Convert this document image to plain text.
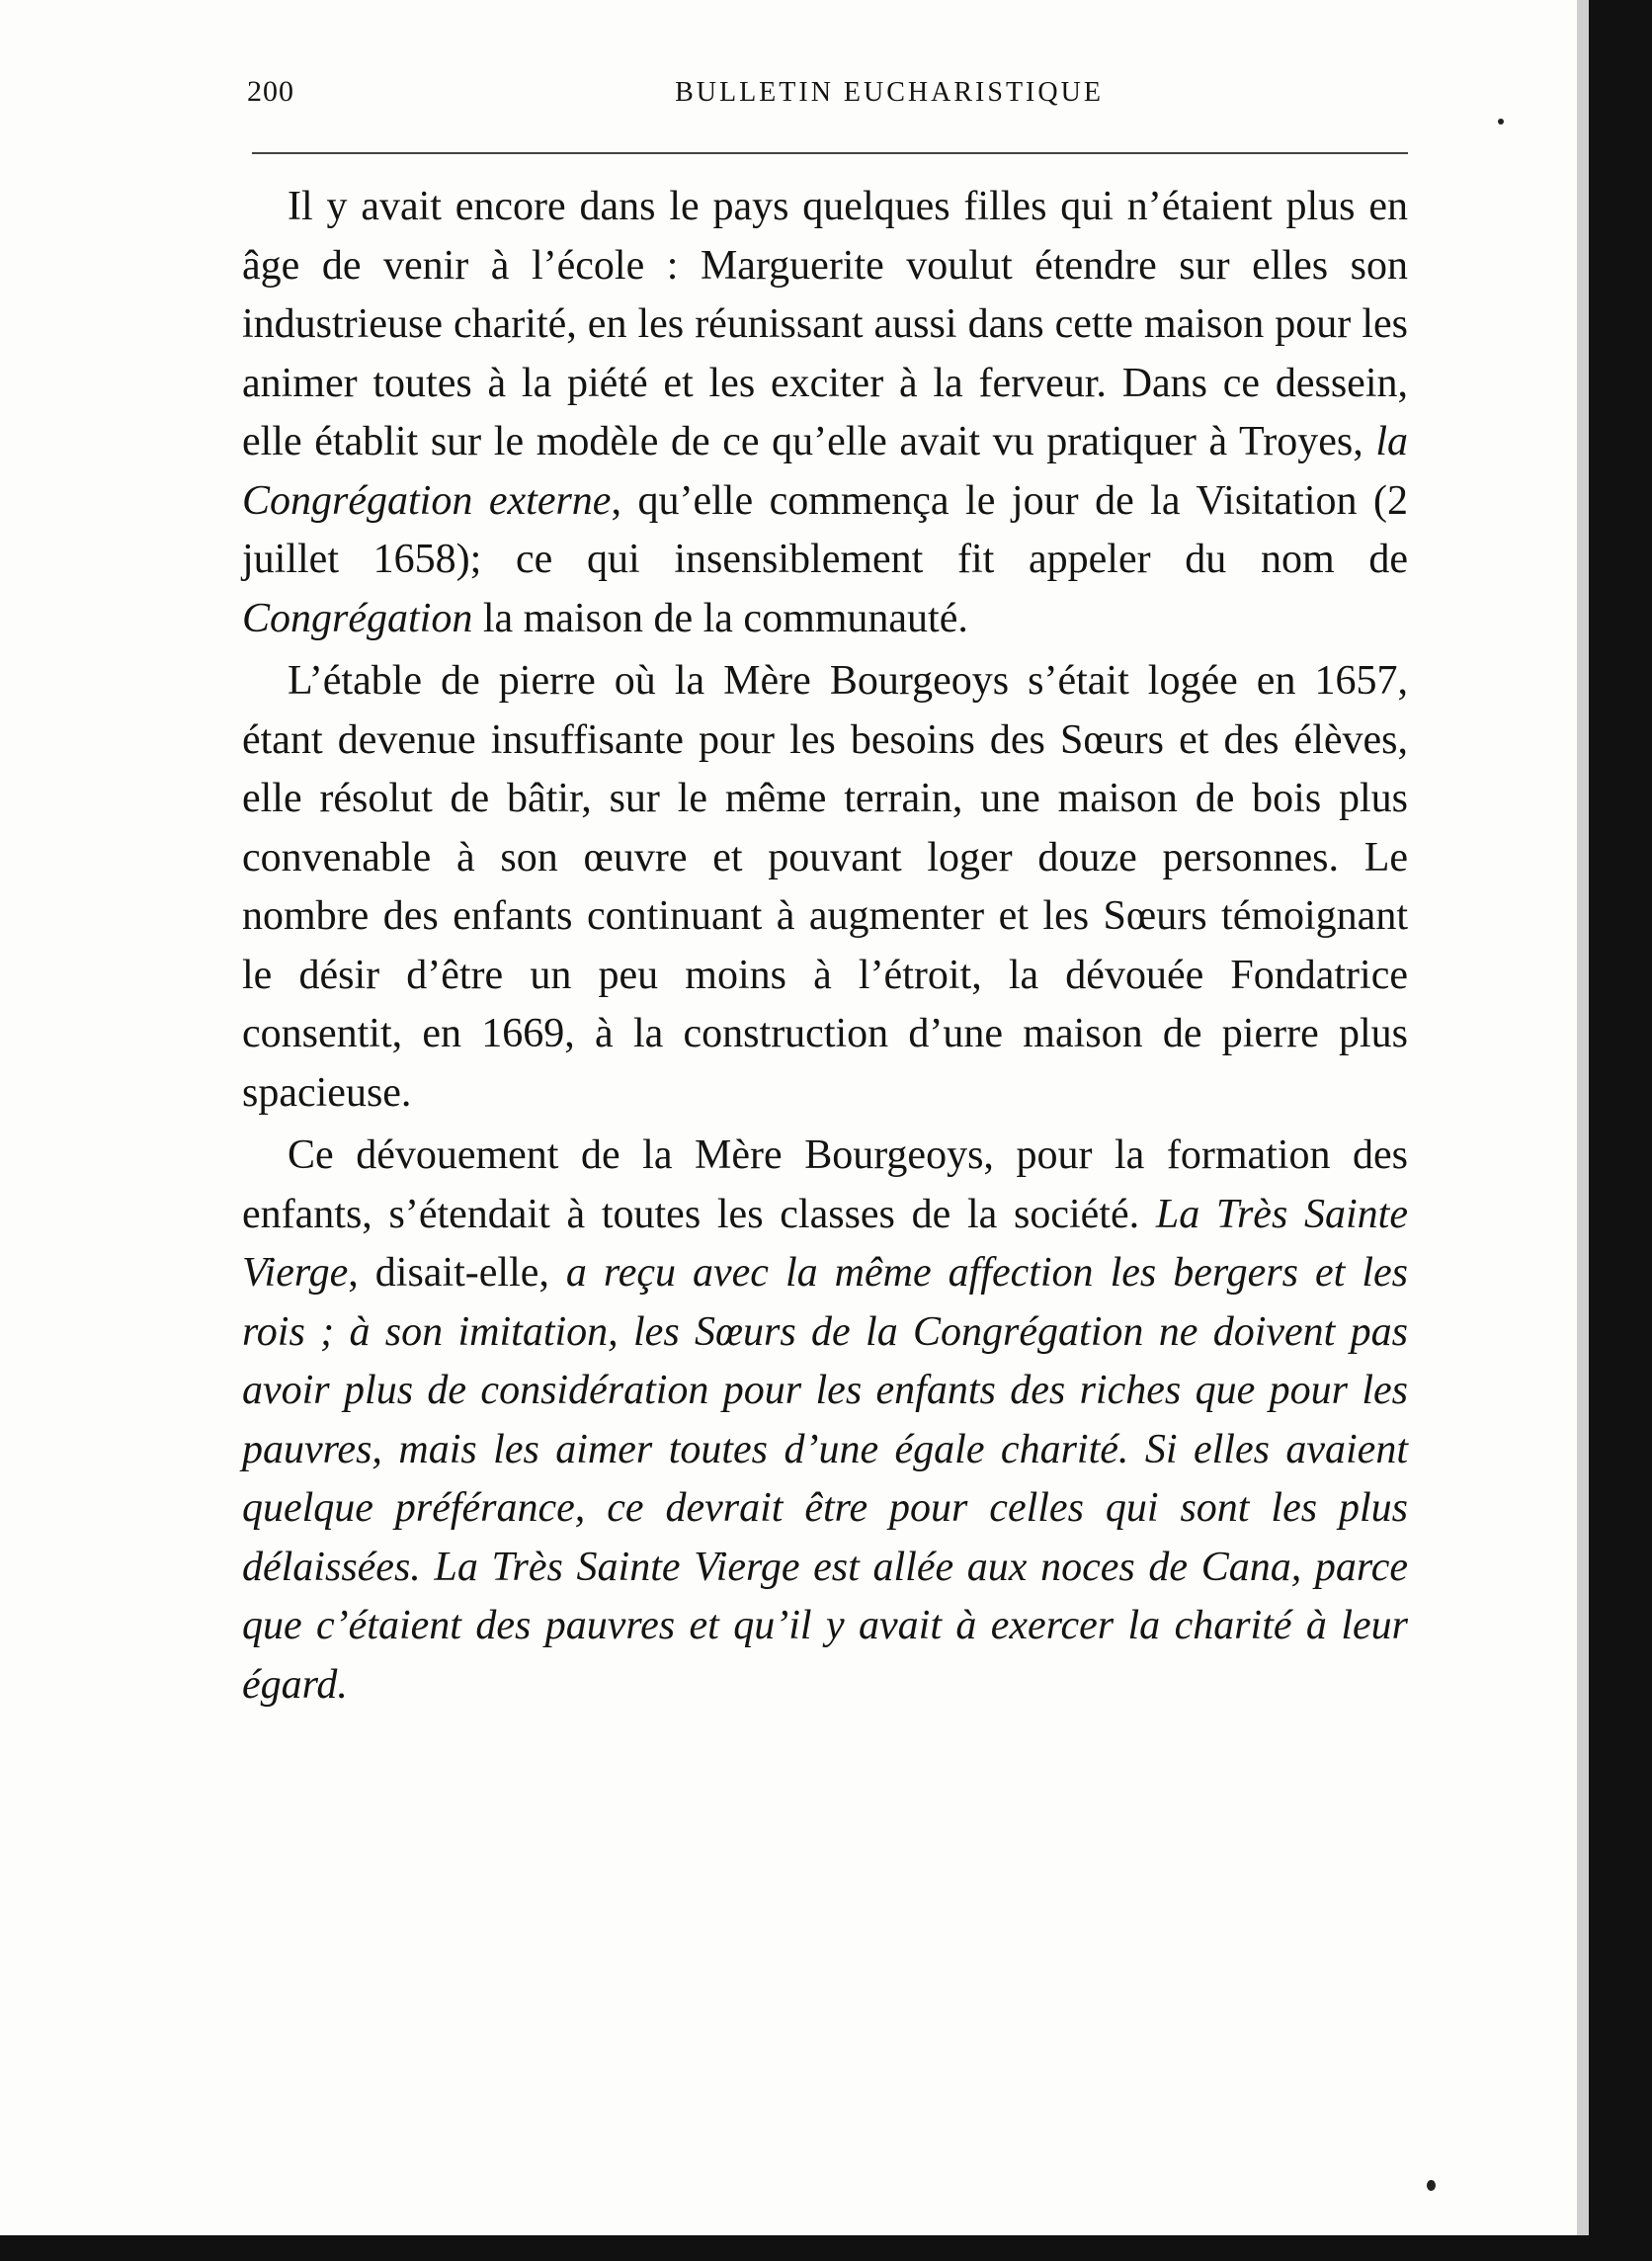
200	BULLETIN EUCHARISTIQUE

Il y avait encore dans le pays quelques filles qui n’étaient plus en âge de venir à l’école : Marguerite voulut étendre sur elles son industrieuse charité, en les réunissant aussi dans cette maison pour les animer toutes à la piété et les exciter à la ferveur. Dans ce dessein, elle établit sur le modèle de ce qu’elle avait vu pratiquer à Troyes, la Congrégation externe, qu’elle commença le jour de la Visitation (2 juillet 1658); ce qui insensiblement fit appeler du nom de Congrégation la maison de la communauté.

L’étable de pierre où la Mère Bourgeoys s’était logée en 1657, étant devenue insuffisante pour les besoins des Sœurs et des élèves, elle résolut de bâtir, sur le même terrain, une maison de bois plus convenable à son œuvre et pouvant loger douze personnes. Le nombre des enfants continuant à augmenter et les Sœurs témoignant le désir d’être un peu moins à l’étroit, la dévouée Fondatrice consentit, en 1669, à la construction d’une maison de pierre plus spacieuse.

Ce dévouement de la Mère Bourgeoys, pour la formation des enfants, s’étendait à toutes les classes de la société. La Très Sainte Vierge, disait-elle, a reçu avec la même affection les bergers et les rois ; à son imitation, les Sœurs de la Congrégation ne doivent pas avoir plus de considération pour les enfants des riches que pour les pauvres, mais les aimer toutes d’une égale charité. Si elles avaient quelque préférance, ce devrait être pour celles qui sont les plus délaissées. La Très Sainte Vierge est allée aux noces de Cana, parce que c’étaient des pauvres et qu’il y avait à exercer la charité à leur égard.
